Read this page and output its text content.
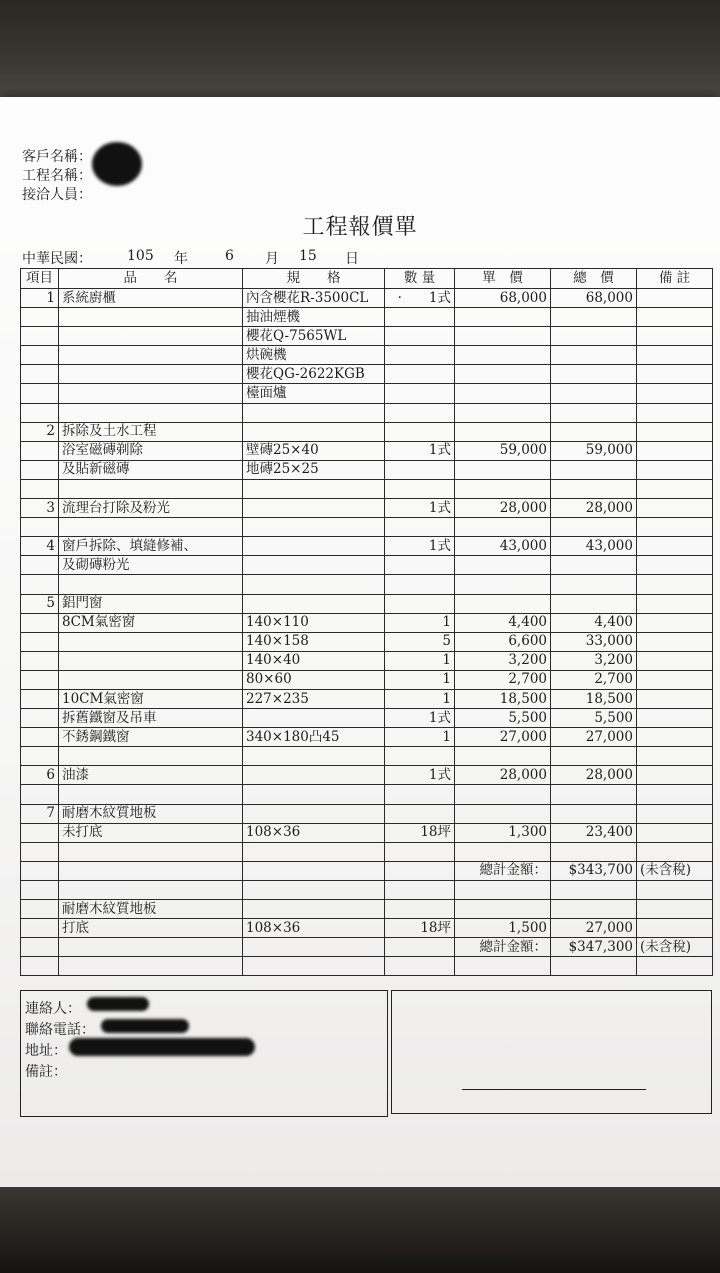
客戶名稱：
工程名稱：
接洽人員：
工程報價單
中華民國：	105 年	6 月 15 日
項目	品　　名	規　　格	數 量	單　價	總　價	備 註
1	系統廚櫃	內含櫻花R-3500CL	·　　1式	68,000	68,000	
		抽油煙機				
		櫻花Q-7565WL				
		烘碗機				
		櫻花QG-2622KGB				
		檯面爐				

2	拆除及土水工程					
	浴室磁磚剃除	壁磚25×40	1式	59,000	59,000	
	及貼新磁磚	地磚25×25				

3	流理台打除及粉光		1式	28,000	28,000	

4	窗戶拆除、填縫修補、		1式	43,000	43,000	
	及砌磚粉光					

5	鋁門窗					
	8CM氣密窗	140×110	1	4,400	4,400	
		140×158	5	6,600	33,000	
		140×40	1	3,200	3,200	
		80×60	1	2,700	2,700	
	10CM氣密窗	227×235	1	18,500	18,500	
	拆舊鐵窗及吊車		1式	5,500	5,500	
	不銹鋼鐵窗	340×180凸45	1	27,000	27,000	

6	油漆		1式	28,000	28,000	

7	耐磨木紋質地板					
	未打底	108×36	18坪	1,300	23,400	

				總計金額：	$343,700	(未含稅)

	耐磨木紋質地板					
	打底	108×36	18坪	1,500	27,000	
				總計金額：	$347,300	(未含稅)

連絡人：
聯絡電話：
地址：
備註：
